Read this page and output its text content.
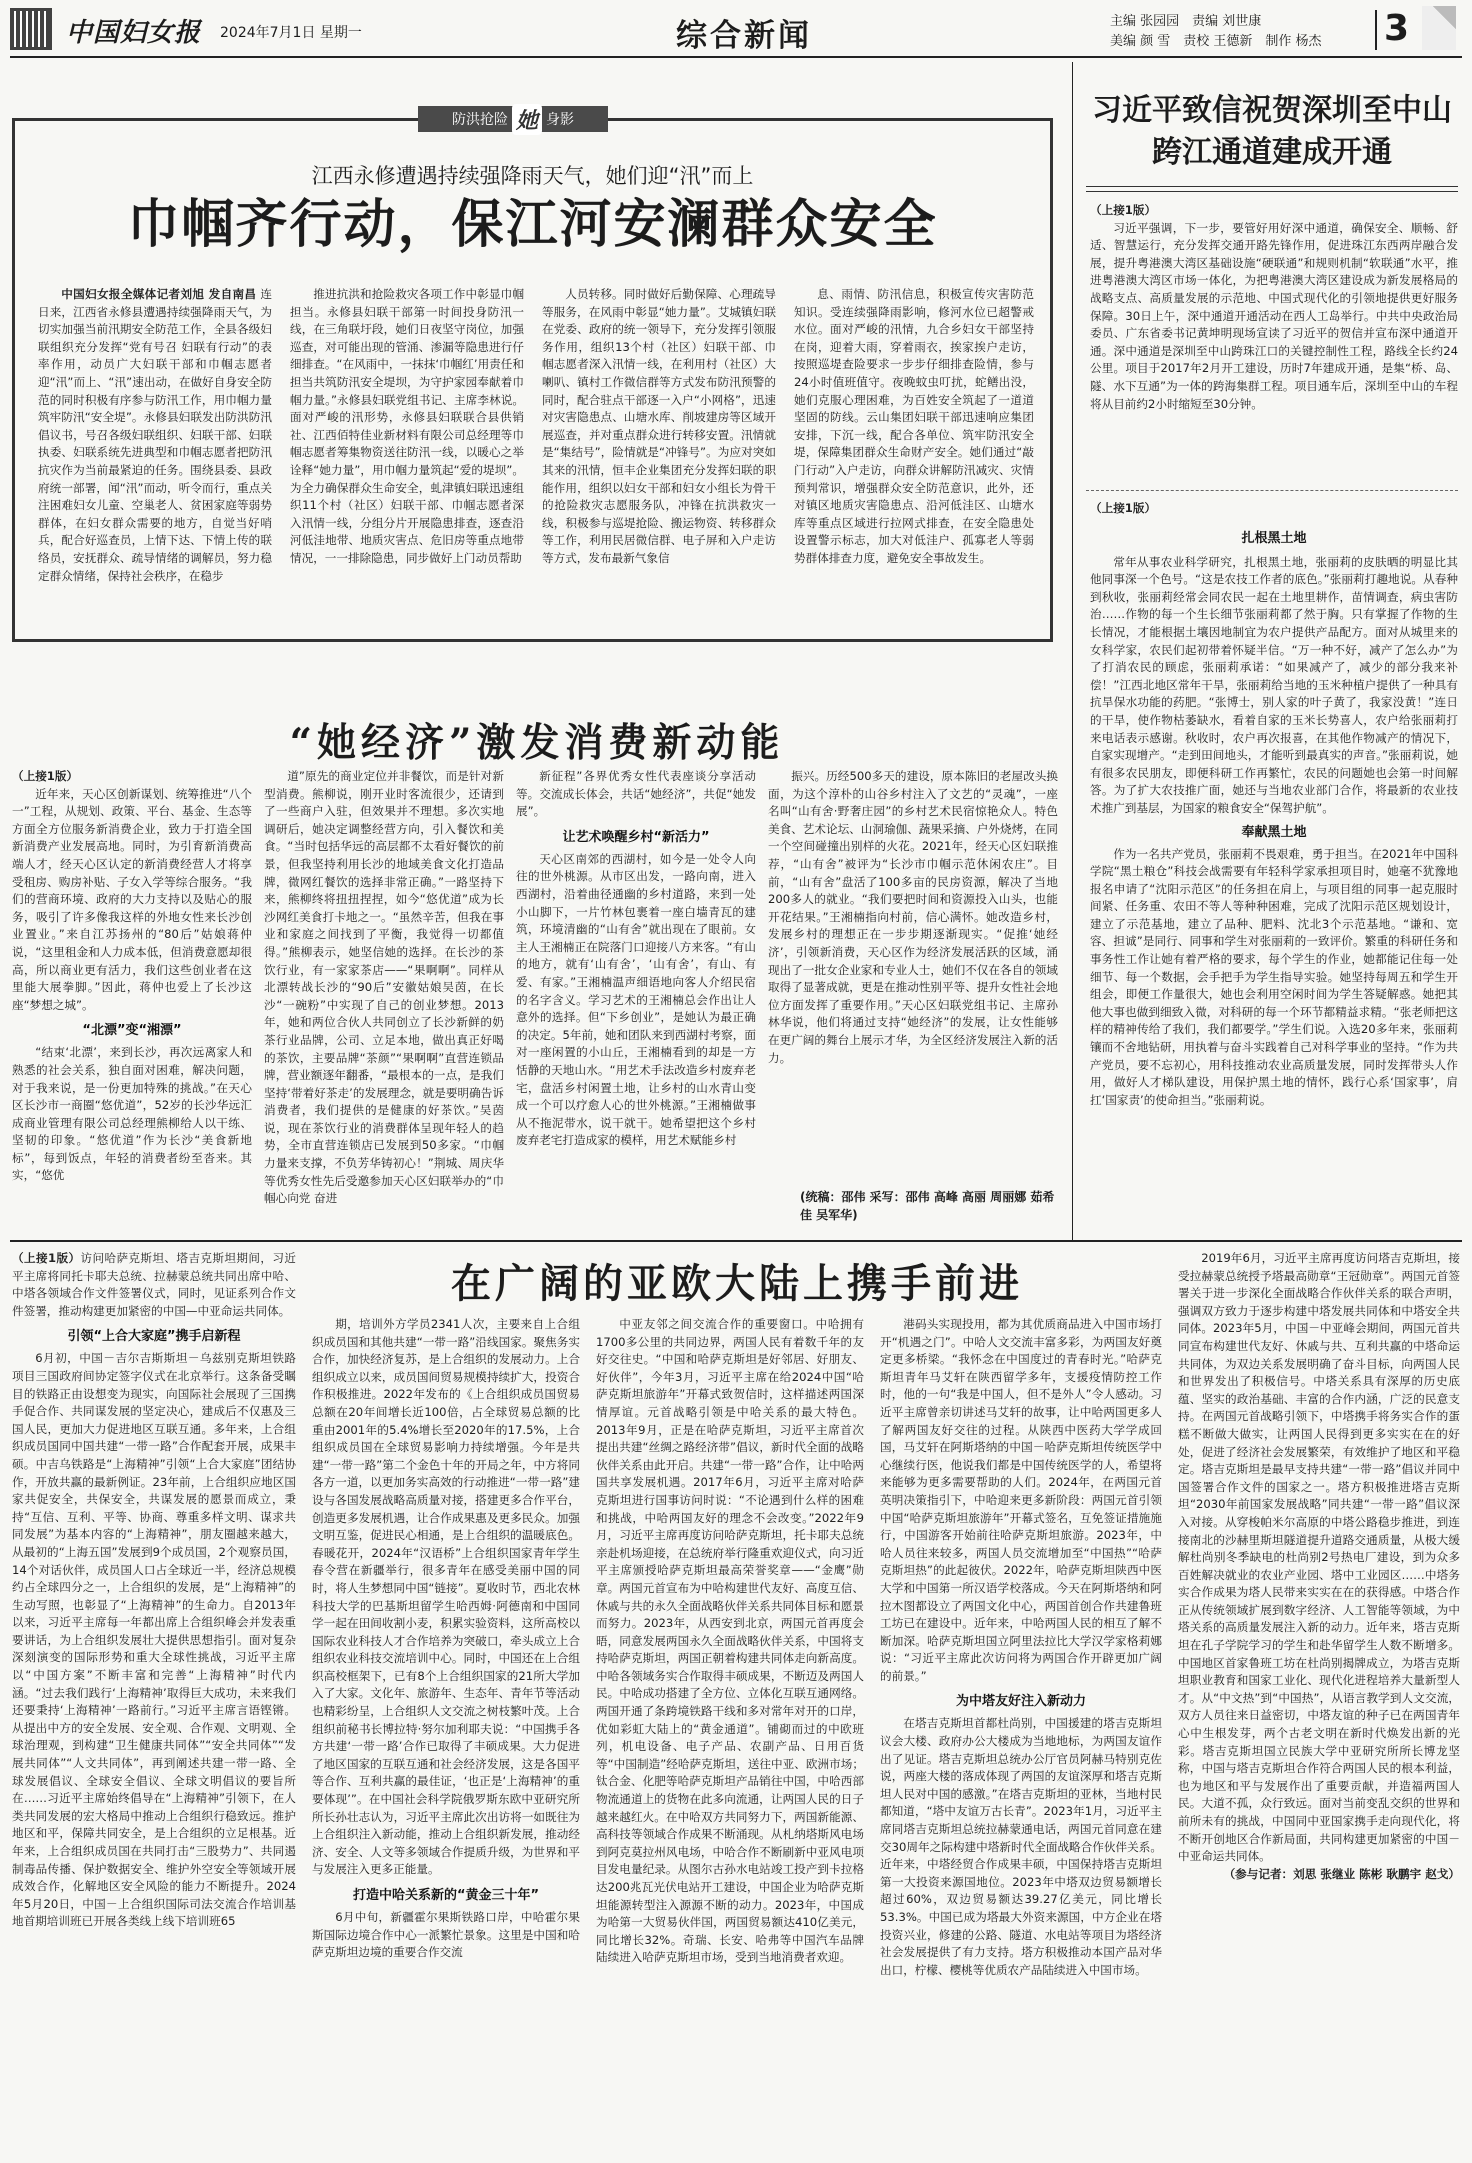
中国妇女报 2024年7月1日 星期一	综合新闻	主编 张园园　责编 刘世康
美编 颜 雪　责校 王德新　制作 杨杰	3
防洪抢险 她 身影
江西永修遭遇持续强降雨天气，她们迎“汛”而上
巾帼齐行动，保江河安澜群众安全

中国妇女报全媒体记者刘旭 发自南昌 连日来，江西省永修县遭遇持续强降雨天气，为切实加强当前汛期安全防范工作，全县各级妇联组织充分发挥“党有号召 妇联有行动”的表率作用，动员广大妇联干部和巾帼志愿者迎“汛”而上、“汛”速出动，在做好自身安全防范的同时积极有序参与防汛工作，用巾帼力量筑牢防汛“安全堤”。永修县妇联发出防洪防汛倡议书，号召各级妇联组织、妇联干部、妇联执委、妇联系统先进典型和巾帼志愿者把防汛抗灾作为当前最紧迫的任务。围绕县委、县政府统一部署，闻“汛”而动，听令而行，重点关注困难妇女儿童、空巢老人、贫困家庭等弱势群体，在妇女群众需要的地方，自觉当好哨兵，配合好巡查员，上情下达、下情上传的联络员，安抚群众、疏导情绪的调解员，努力稳定群众情绪，保持社会秩序，在稳步

推进抗洪和抢险救灾各项工作中彰显巾帼担当。永修县妇联干部第一时间投身防汛一线，在三角联圩段，她们日夜坚守岗位，加强巡查，对可能出现的管涌、渗漏等隐患进行仔细排查。“在风雨中，一抹抹‘巾帼红’用责任和担当共筑防汛安全堤坝，为守护家园奉献着巾帼力量。”永修县妇联党组书记、主席李林说。面对严峻的汛形势，永修县妇联联合县供销社、江西佰特佳业新材料有限公司总经理等巾帼志愿者筹集物资送往防汛一线，以暖心之举诠释“她力量”，用巾帼力量筑起“爱的堤坝”。为全力确保群众生命安全，虬津镇妇联迅速组织11个村（社区）妇联干部、巾帼志愿者深入汛情一线，分组分片开展隐患排查，逐查沿河低洼地带、地质灾害点、危旧房等重点地带情况，一一排除隐患，同步做好上门动员帮助

人员转移。同时做好后勤保障、心理疏导等服务，在风雨中彰显“她力量”。艾城镇妇联在党委、政府的统一领导下，充分发挥引领服务作用，组织13个村（社区）妇联干部、巾帼志愿者深入汛情一线，在利用村（社区）大喇叭、镇村工作微信群等方式发布防汛预警的同时，配合驻点干部逐一入户“小网格”，迅速对灾害隐患点、山塘水库、削坡建房等区域开展巡查，并对重点群众进行转移安置。汛情就是“集结号”，险情就是“冲锋号”。为应对突如其来的汛情，恒丰企业集团充分发挥妇联的职能作用，组织以妇女干部和妇女小组长为骨干的抢险救灾志愿服务队，冲锋在抗洪救灾一线，积极参与巡堤抢险、搬运物资、转移群众等工作，利用民居微信群、电子屏和入户走访等方式，发布最新气象信

息、雨情、防汛信息，积极宣传灾害防范知识。受连续强降雨影响，修河水位已超警戒水位。面对严峻的汛情，九合乡妇女干部坚持在岗，迎着大雨，穿着雨衣，挨家挨户走访，按照巡堤查险要求一步步仔细排查险情，参与24小时值班值守。夜晚蚊虫叮扰，蛇鳝出没，她们克服心理困难，为百姓安全筑起了一道道坚固的防线。云山集团妇联干部迅速响应集团安排，下沉一线，配合各单位、筑牢防汛安全堤，保障集团群众生命财产安全。她们通过“敲门行动”入户走访，向群众讲解防汛减灾、灾情预判常识，增强群众安全防范意识，此外，还对镇区地质灾害隐患点、沿河低洼区、山塘水库等重点区域进行拉网式排查，在安全隐患处设置警示标志，加大对低洼户、孤寡老人等弱势群体排查力度，避免安全事故发生。

习近平致信祝贺深圳至中山跨江通道建成开通
（上接1版）

习近平强调，下一步，要管好用好深中通道，确保安全、顺畅、舒适、智慧运行，充分发挥交通开路先锋作用，促进珠江东西两岸融合发展，提升粤港澳大湾区基础设施“硬联通”和规则机制“软联通”水平，推进粤港澳大湾区市场一体化，为把粤港澳大湾区建设成为新发展格局的战略支点、高质量发展的示范地、中国式现代化的引领地提供更好服务保障。30日上午，深中通道开通活动在西人工岛举行。中共中央政治局委员、广东省委书记黄坤明现场宣读了习近平的贺信并宣布深中通道开通。深中通道是深圳至中山跨珠江口的关键控制性工程，路线全长约24公里。项目于2017年2月开工建设，历时7年建成开通，是集“桥、岛、隧、水下互通”为一体的跨海集群工程。项目通车后，深圳至中山的车程将从目前约2小时缩短至30分钟。

（上接1版）
扎根黑土地

常年从事农业科学研究，扎根黑土地，张丽莉的皮肤晒的明显比其他同事深一个色号。“这是农技工作者的底色。”张丽莉打趣地说。从春种到秋收，张丽莉经常会同农民一起在土地里耕作，苗情调查，病虫害防治……作物的每一个生长细节张丽莉都了然于胸。只有掌握了作物的生长情况，才能根据土壤因地制宜为农户提供产品配方。面对从城里来的女科学家，农民们起初带着怀疑半信。“万一种不好，减产了怎么办”为了打消农民的顾虑，张丽莉承诺：“如果减产了，减少的部分我来补偿！”江西北地区常年干旱，张丽莉给当地的玉米种植户提供了一种具有抗旱保水功能的药肥。“张博士，别人家的叶子黄了，我家没黄！”连日的干旱，使作物枯萎缺水，看着自家的玉米长势喜人，农户给张丽莉打来电话表示感谢。秋收时，农户再次报喜，在其他作物减产的情况下，自家实现增产。“走到田间地头，才能听到最真实的声音。”张丽莉说，她有很多农民朋友，即便科研工作再繁忙，农民的问题她也会第一时间解答。为了扩大农技推广面，她还与当地农业部门合作，将最新的农业技术推广到基层，为国家的粮食安全“保驾护航”。

奉献黑土地

作为一名共产党员，张丽莉不畏艰难，勇于担当。在2021年中国科学院“黑土粮仓”科技会战需要有年轻科学家承担项目时，她毫不犹豫地报名申请了“沈阳示范区”的任务担在肩上，与项目组的同事一起克服时间紧、任务重、农田不等人等种种困难，完成了沈阳示范区规划设计，建立了示范基地，建立了品种、肥料、沈北3个示范基地。“谦和、宽容、担诚”是同行、同事和学生对张丽莉的一致评价。繁重的科研任务和事务性工作让她有着严格的要求，每个学生的作业，她都能记住每一处细节、每一个数据，会手把手为学生指导实验。她坚持每周五和学生开组会，即便工作量很大，她也会利用空闲时间为学生答疑解惑。她把其他大事也做到细致入微，对科研的每一个环节都精益求精。“张老师把这样的精神传给了我们，我们都要学。”学生们说。入选20多年来，张丽莉镶而不舍地钻研，用执着与奋斗实践着自己对科学事业的坚持。“作为共产党员，要不忘初心，用科技推动农业高质量发展，同时发挥带头人作用，做好人才梯队建设，用保护黑土地的情怀，践行心系‘国家事’，肩扛‘国家责’的使命担当。”张丽莉说。

“她经济”激发消费新动能
（上接1版）

近年来，天心区创新谋划、统筹推进“八个一”工程，从规划、政策、平台、基金、生态等方面全方位服务新消费企业，致力于打造全国新消费产业发展高地。同时，为引育新消费高端人才，经天心区认定的新消费经营人才将享受租房、购房补贴、子女入学等综合服务。“我们的营商环境、政府的大力支持以及贴心的服务，吸引了许多像我这样的外地女性来长沙创业置业。”来自江苏扬州的“80后”姑娘蒋仲说，“这里租金和人力成本低，但消费意愿却很高，所以商业更有活力，我们这些创业者在这里能大展拳脚。”因此，蒋仲也爱上了长沙这座“梦想之城”。

“北漂”变“湘漂”

“结束‘北漂’，来到长沙，再次远离家人和熟悉的社会关系，独自面对困难，解决问题，对于我来说，是一份更加特殊的挑战。”在天心区长沙市一商圈“悠优道”，52岁的长沙华远汇成商业管理有限公司总经理熊柳给人以干练、坚韧的印象。“悠优道”作为长沙“美食新地标”，每到饭点，年轻的消费者纷至沓来。其实，“悠优

道”原先的商业定位并非餐饮，而是针对新型消费。熊柳说，刚开业时客流很少，还请到了一些商户入驻，但效果并不理想。多次实地调研后，她决定调整经营方向，引入餐饮和美食。“当时包括华远的高层都不太看好餐饮的前景，但我坚持利用长沙的地域美食文化打造品牌，微网红餐饮的选择非常正确。”一路坚持下来，熊柳终将扭扭捏捏，如今“悠优道”成为长沙网红美食打卡地之一。“虽然辛苦，但我在事业和家庭之间找到了平衡，我觉得一切都值得。”熊柳表示，她坚信她的选择。在长沙的茶饮行业，有一家家茶店——“果啊啊”。同样从北漂转战长沙的“90后”安徽姑娘吴茵，在长沙“一碗粉”中实现了自己的创业梦想。2013年，她和两位合伙人共同创立了长沙新鲜的奶茶行业品牌，公司、立足本地，做出真正好喝的茶饮，主要品牌“茶颜”“果啊啊”直营连锁品牌，营业额逐年翻番，“最根本的一点，是我们坚持‘带着好茶走’的发展理念，就是要明确告诉消费者，我们提供的是健康的好茶饮。”吴茵说，现在茶饮行业的消费群体呈现年轻人的趋势，全市直营连锁店已发展到50多家。“巾帼力量来支撑，不负芳华铸初心！”荆城、周庆华等优秀女性先后受邀参加天心区妇联举办的“巾帼心向党 奋进

新征程”各界优秀女性代表座谈分享活动等。交流成长体会，共话“她经济”，共促“她发展”。

让艺术唤醒乡村“新活力”

天心区南郊的西湖村，如今是一处令人向往的世外桃源。从市区出发，一路向南，进入西湖村，沿着曲径通幽的乡村道路，来到一处小山脚下，一片竹林包裹着一座白墙青瓦的建筑，环境清幽的“山有舍”就出现在了眼前。女主人王湘楠正在院落门口迎接八方来客。“有山的地方，就有‘山有舍’，‘山有舍’，有山、有爱、有家。”王湘楠温声细语地向客人介绍民宿的名字含义。学习艺术的王湘楠总会作出让人意外的选择。但“下乡创业”，是她认为最正确的决定。5年前，她和团队来到西湖村考察，面对一座闲置的小山丘，王湘楠看到的却是一方恬静的天地山水。“用艺术手法改造乡村废弃老宅，盘活乡村闲置土地，让乡村的山水青山变成一个可以疗愈人心的世外桃源。”王湘楠做事从不拖泥带水，说干就干。她希望把这个乡村废弃老宅打造成家的模样，用艺术赋能乡村

振兴。历经500多天的建设，原本陈旧的老屋改头换面，为这个淳朴的山谷乡村注入了文艺的“灵魂”，一座名叫“山有舍·野奢庄园”的乡村艺术民宿惊艳众人。特色美食、艺术论坛、山洞瑜伽、蔬果采摘、户外烧烤，在同一个空间碰撞出别样的火花。2021年，经天心区妇联推荐，“山有舍”被评为“长沙市巾帼示范休闲农庄”。目前，“山有舍”盘活了100多亩的民房资源，解决了当地200多人的就业。“我们要把时间和资源投入山头，也能开花结果。”王湘楠指向村前，信心满怀。她改造乡村，发展乡村的理想正在一步步期逐渐现实。“促推‘她经济’，引领新消费，天心区作为经济发展活跃的区域，涌现出了一批女企业家和专业人士，她们不仅在各自的领域取得了显著成就，更是在推动性别平等、提升女性社会地位方面发挥了重要作用。”天心区妇联党组书记、主席孙林华说，他们将通过支持“她经济”的发展，让女性能够在更广阔的舞台上展示才华，为全区经济发展注入新的活力。

(统稿：邵伟 采写：邵伟 高峰 高丽 周丽娜 茹希佳 吴军华)
在广阔的亚欧大陆上携手前进

（上接1版）访问哈萨克斯坦、塔吉克斯坦期间，习近平主席将同托卡耶夫总统、拉赫蒙总统共同出席中哈、中塔各领域合作文件签署仪式，同时，见证系列合作文件签署，推动构建更加紧密的中国—中亚命运共同体。

引领“上合大家庭”携手启新程

6月初，中国－吉尔吉斯斯坦－乌兹别克斯坦铁路项目三国政府间协定签字仪式在北京举行。这条备受瞩目的铁路正由设想变为现实，向国际社会展现了三国携手促合作、共同谋发展的坚定决心，建成后不仅惠及三国人民，更加大力促进地区互联互通。多年来，上合组织成员国同中国共建“一带一路”合作配套开展，成果丰硕。中吉乌铁路是“上海精神”引领“上合大家庭”团结协作，开放共赢的最新例证。23年前，上合组织应地区国家共促安全，共保安全，共谋发展的愿景而成立，秉持“互信、互利、平等、协商、尊重多样文明、谋求共同发展”为基本内容的“上海精神”，朋友圈越来越大，从最初的“上海五国”发展到9个成员国，2个观察员国，14个对话伙伴，成员国人口占全球近一半，经济总规模约占全球四分之一，上合组织的发展，是“上海精神”的生动写照，也彰显了“上海精神”的生命力。自2013年以来，习近平主席每一年都出席上合组织峰会并发表重要讲话，为上合组织发展壮大提供思想指引。面对复杂深刻演变的国际形势和重大全球性挑战，习近平主席以“中国方案”不断丰富和完善“上海精神”时代内涵。“过去我们践行‘上海精神’取得巨大成功，未来我们还要秉持‘上海精神’一路前行。”习近平主席言语铿锵。从提出中方的安全发展、安全观、合作观、文明观、全球治理观，到构建“卫生健康共同体”“安全共同体”“发展共同体”“人文共同体”，再到阐述共建一带一路、全球发展倡议、全球安全倡议、全球文明倡议的要旨所在……习近平主席始终倡导在“上海精神”引领下，在人类共同发展的宏大格局中推动上合组织行稳致远。推护地区和平，保障共同安全，是上合组织的立足根基。近年来，上合组织成员国在共同打击“三股势力”、共同遏制毒品传播、保护数据安全、维护外空安全等领域开展成效合作，化解地区安全风险的能力不断提升。2024年5月20日，中国－上合组织国际司法交流合作培训基地首期培训班已开展各类线上线下培训班65

期，培训外方学员2341人次，主要来自上合组织成员国和其他共建“一带一路”沿线国家。聚焦务实合作，加快经济复苏，是上合组织的发展动力。上合组织成立以来，成员国间贸易规模持续扩大，投资合作积极推进。2022年发布的《上合组织成员国贸易总额在20年间增长近100倍，占全球贸易总额的比重由2001年的5.4%增长至2020年的17.5%，上合组织成员国在全球贸易影响力持续增强。今年是共建“一带一路”第二个金色十年的开局之年，中方将同各方一道，以更加务实高效的行动推进“一带一路”建设与各国发展战略高质量对接，搭建更多合作平台，创造更多发展机遇，让合作成果惠及更多民众。加强文明互鉴，促进民心相通，是上合组织的温暖底色。春暖花开，2024年“汉语桥”上合组织国家青年学生春令营在新疆举行，很多青年在感受美丽中国的同时，将人生梦想同中国“链接”。夏收时节，西北农林科技大学的巴基斯坦留学生哈西姆·阿德南和中国同学一起在田间收割小麦，积累实验资料，这所高校以国际农业科技人才合作培养为突破口，牵头成立上合组织农业科技交流培训中心。同时，中国还在上合组织高校框架下，已有8个上合组织国家的21所大学加入了大家。文化年、旅游年、生态年、青年节等活动也精彩纷呈，上合组织人文交流之树枝繁叶茂。上合组织前秘书长博拉特·努尔加利耶夫说：“中国携手各方共建‘一带一路’合作已取得了丰硕成果。大力促进了地区国家的互联互通和社会经济发展，这是各国平等合作、互利共赢的最佳证，‘也正是‘上海精神’的重要体现’”。在中国社会科学院俄罗斯东欧中亚研究所所长孙壮志认为，习近平主席此次出访将一如既往为上合组织注入新动能，推动上合组织新发展，推动经济、安全、人文等多领域合作提质升级，为世界和平与发展注入更多正能量。

打造中哈关系新的“黄金三十年”

6月中旬，新疆霍尔果斯铁路口岸，中哈霍尔果斯国际边境合作中心一派繁忙景象。这里是中国和哈萨克斯坦边境的重要合作交流

中亚友邻之间交流合作的重要窗口。中哈拥有1700多公里的共同边界，两国人民有着数千年的友好交往史。“中国和哈萨克斯坦是好邻居、好朋友、好伙伴”，今年3月，习近平主席在给2024中国“哈萨克斯坦旅游年”开幕式致贺信时，这样描述两国深情厚谊。元首战略引领是中哈关系的最大特色。2013年9月，正是在哈萨克斯坦，习近平主席首次提出共建“丝绸之路经济带”倡议，新时代全面的战略伙伴关系由此开启。共建“一带一路”合作，让中哈两国共享发展机遇。2017年6月，习近平主席对哈萨克斯坦进行国事访问时说：“不论遇到什么样的困难和挑战，中哈两国友好的理念不会改变。”2022年9月，习近平主席再度访问哈萨克斯坦，托卡耶夫总统亲赴机场迎接，在总统府举行隆重欢迎仪式，向习近平主席颁授哈萨克斯坦最高荣誉奖章——“金鹰”勋章。两国元首宣布为中哈构建世代友好、高度互信、休戚与共的永久全面战略伙伴关系共同体目标和愿景而努力。2023年，从西安到北京，两国元首再度会晤，同意发展两国永久全面战略伙伴关系，中国将支持哈萨克斯坦，两国正朝着构建共同体走向新高度。中哈各领域务实合作取得丰硕成果，不断迈及两国人民。中哈成功搭建了全方位、立体化互联互通网络。两国开通了条跨境铁路干线和多对常年对开的口岸，优如彩虹大陆上的“黄金通道”。铺砌而过的中欧班列，机电设备、电子产品、农副产品、日用百货等“中国制造”经哈萨克斯坦，送往中亚、欧洲市场；钛合金、化肥等哈萨克斯坦产品销往中国，中哈西部物流通道上的货物在此多向流通，让两国人民的日子越来越红火。在中哈双方共同努力下，两国新能源、高科技等领域合作成果不断涌现。从札纳塔斯风电场到阿克莫拉州风电场，中哈合作不断刷新中亚风电项目发电量纪录。从图尔古孙水电站竣工投产到卡拉格达200兆瓦光伏电站开工建设，中国企业为哈萨克斯坦能源转型注入源源不断的动力。2023年，中国成为哈第一大贸易伙伴国，两国贸易额达410亿美元，同比增长32%。奇瑞、长安、哈弗等中国汽车品牌陆续进入哈萨克斯坦市场，受到当地消费者欢迎。

港码头实现投用，都为其优质商品进入中国市场打开“机遇之门”。中哈人文交流丰富多彩，为两国友好奠定更多桥梁。“我怀念在中国度过的青春时光。”哈萨克斯坦青年马艾轩在陕西留学多年，支援疫情防控工作时，他的一句“我是中国人，但不是外人”令人感动。习近平主席曾亲切讲述马艾轩的故事，让中哈两国更多人了解两国友好交往的过程。从陕西中医药大学学成回国，马艾轩在阿斯塔纳的中国－哈萨克斯坦传统医学中心继续行医，他说我们都是中国传统医学的人，希望将来能够为更多需要帮助的人们。2024年，在两国元首英明决策指引下，中哈迎来更多新阶段：两国元首引领中国“哈萨克斯坦旅游年”开幕式签名，互免签证措施施行，中国游客开始前往哈萨克斯坦旅游。2023年，中哈人员往来较多，两国人员交流增加至“中国热”“哈萨克斯坦热”的此起彼伏。2022年，哈萨克斯坦陕西中医大学和中国第一所汉语学校落成。今天在阿斯塔纳和阿拉木图都设立了两国文化中心，两国首创合作共建鲁班工坊已在建设中。近年来，中哈两国人民的相互了解不断加深。哈萨克斯坦国立阿里法拉比大学汉学家格莉娜说：“习近平主席此次访问将为两国合作开辟更加广阔的前景。”

为中塔友好注入新动力

在塔吉克斯坦首都杜尚别，中国援建的塔吉克斯坦议会大楼、政府办公大楼成为当地地标，为两国友谊作出了见证。塔吉克斯坦总统办公厅官员阿赫马特别克佐说，两座大楼的落成体现了两国的友谊深厚和塔吉克斯坦人民对中国的感激。”在塔吉克斯坦的亚林，当地村民都知道，“塔中友谊万古长青”。2023年1月，习近平主席同塔吉克斯坦总统拉赫蒙通电话，两国元首同意在建交30周年之际构建中塔新时代全面战略合作伙伴关系。近年来，中塔经贸合作成果丰硕，中国保持塔吉克斯坦第一大投资来源国地位。2023年中塔双边贸易额增长超过60%，双边贸易额达39.27亿美元，同比增长53.3%。中国已成为塔最大外资来源国，中方企业在塔投资兴业，修建的公路、隧道、水电站等项目为塔经济社会发展提供了有力支持。塔方积极推动本国产品对华出口，柠檬、樱桃等优质农产品陆续进入中国市场。

2019年6月，习近平主席再度访问塔吉克斯坦，接受拉赫蒙总统授予塔最高勋章“王冠勋章”。两国元首签署关于进一步深化全面战略合作伙伴关系的联合声明，强调双方致力于逐步构建中塔发展共同体和中塔安全共同体。2023年5月，中国－中亚峰会期间，两国元首共同宣布构建世代友好、休戚与共、互利共赢的中塔命运共同体，为双边关系发展明确了奋斗目标，向两国人民和世界发出了积极信号。中塔关系具有深厚的历史底蕴、坚实的政治基础、丰富的合作内涵，广泛的民意支持。在两国元首战略引领下，中塔携手将务实合作的蛋糕不断做大做实，让两国人民得到更多实实在在的好处，促进了经济社会发展繁荣，有效维护了地区和平稳定。塔吉克斯坦是最早支持共建“一带一路”倡议并同中国签署合作文件的国家之一。塔方积极推进塔吉克斯坦“2030年前国家发展战略”同共建“一带一路”倡议深入对接。从穿梭帕米尔高原的中塔公路稳步推进，到连接南北的沙赫里斯坦隧道提升道路交通质量，从极大缓解杜尚别冬季缺电的杜尚别2号热电厂建设，到为众多百姓解决就业的农业产业园、塔中工业园区……中塔务实合作成果为塔人民带来实实在在的获得感。中塔合作正从传统领域扩展到数字经济、人工智能等领域，为中塔关系的高质量发展注入新的动力。近年来，塔吉克斯坦在孔子学院学习的学生和赴华留学生人数不断增多。中国地区首家鲁班工坊在杜尚别揭牌成立，为塔吉克斯坦职业教育和国家工业化、现代化进程培养大量新型人才。从“中文热”到“中国热”，从语言教学到人文交流，双方人员往来日益密切，中塔友谊的种子已在两国青年心中生根发芽，两个古老文明在新时代焕发出新的光彩。塔吉克斯坦国立民族大学中亚研究所所长博龙坚称，中国与塔吉克斯坦合作符合两国人民的根本利益，也为地区和平与发展作出了重要贡献，并造福两国人民。大道不孤，众行致远。面对当前变乱交织的世界和前所未有的挑战，中国同中亚国家携手走向现代化，将不断开创地区合作新局面，共同构建更加紧密的中国－中亚命运共同体。

（参与记者：刘思 张继业 陈彬 耿鹏宇 赵戈）
